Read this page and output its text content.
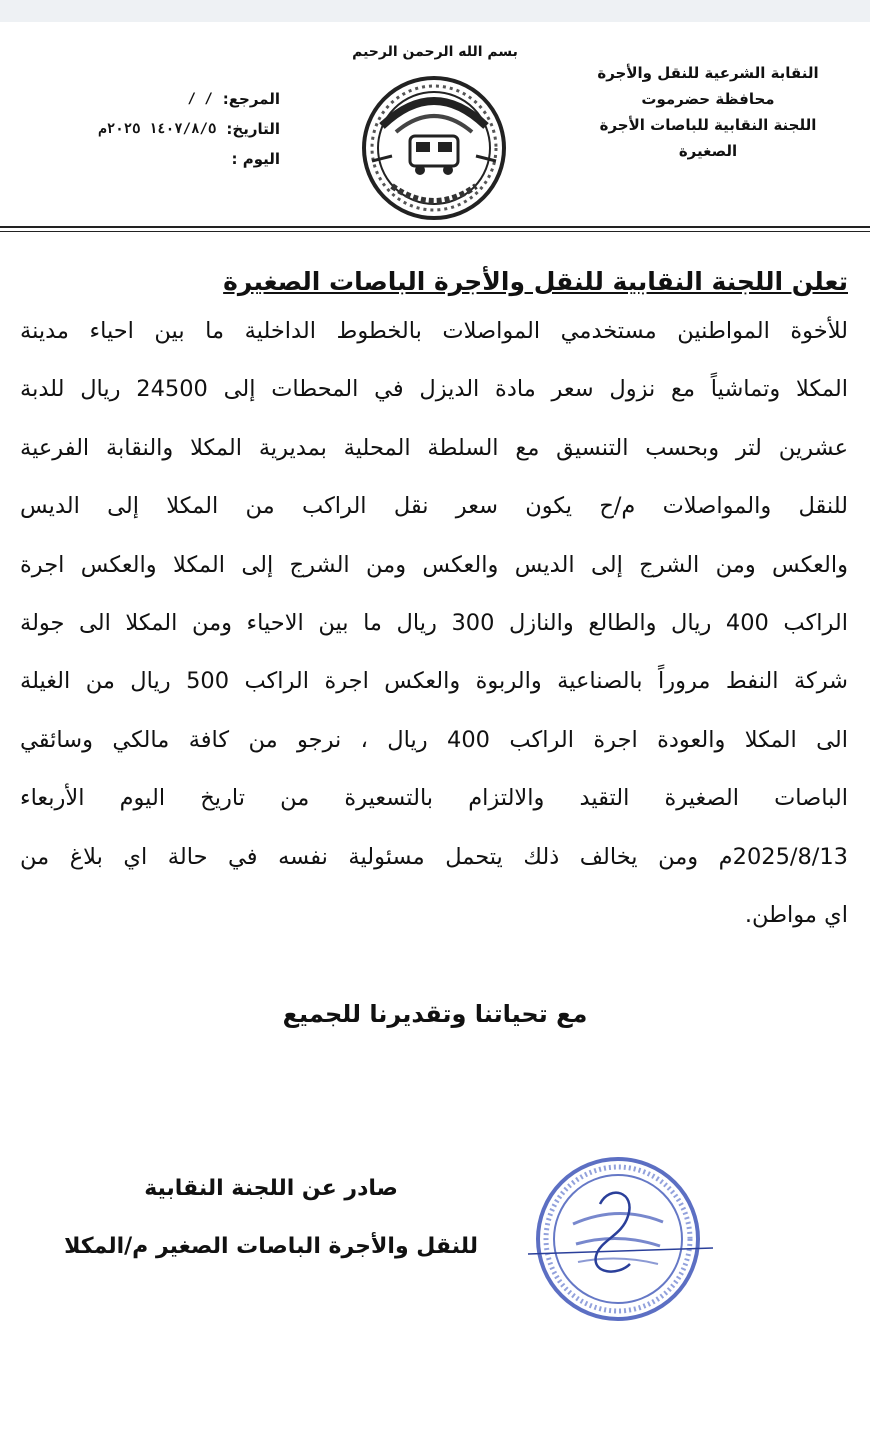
النقابة الشرعية للنقل والأجرة
محافظة حضرموت
اللجنة النقابية للباصات الأجرة
الصغيرة
بسم الله الرحمن الرحيم
المرجع:
/ /
التاريخ:
١٤٠٧/٨/٥ ٢٠٢٥م
اليوم :
تعلن اللجنة النقابية للنقل والأجرة الباصات الصغيرة
للأخوة المواطنين مستخدمي المواصلات بالخطوط الداخلية ما بين احياء مدينة
المكلا وتماشياً مع نزول سعر مادة الديزل في المحطات إلى 24500 ريال للدبة
عشرين لتر وبحسب التنسيق مع السلطة المحلية بمديرية المكلا والنقابة الفرعية
للنقل والمواصلات م/ح يكون سعر نقل الراكب من المكلا إلى الديس
والعكس ومن الشرج إلى الديس والعكس ومن الشرج إلى المكلا والعكس اجرة
الراكب 400 ريال والطالع والنازل 300 ريال ما بين الاحياء ومن المكلا الى جولة
شركة النفط مروراً بالصناعية والربوة والعكس اجرة الراكب 500 ريال من الغيلة
الى المكلا والعودة اجرة الراكب 400 ريال ، نرجو من كافة مالكي وسائقي
الباصات الصغيرة التقيد والالتزام بالتسعيرة من تاريخ اليوم الأربعاء
2025/8/13م ومن يخالف ذلك يتحمل مسئولية نفسه في حالة اي بلاغ من
اي مواطن.
مع تحياتنا وتقديرنا للجميع
صادر عن اللجنة النقابية
للنقل والأجرة الباصات الصغير م/المكلا
